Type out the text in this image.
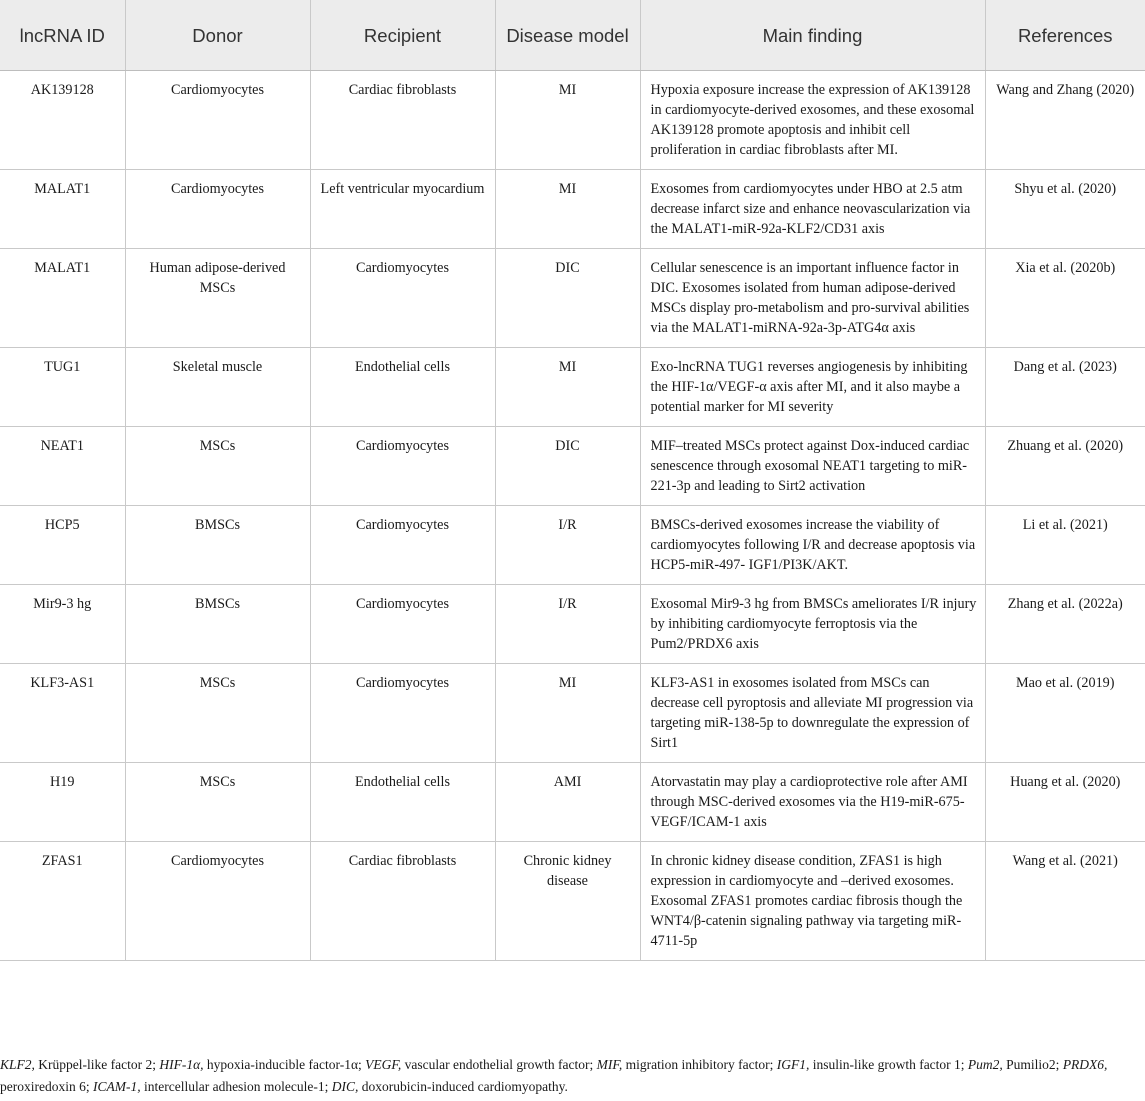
lncRNA ID	Donor	Recipient	Disease model	Main finding	References
AK139128	Cardiomyocytes	Cardiac fibroblasts	MI	Hypoxia exposure increase the expression of AK139128 in cardiomyocyte-derived exosomes, and these exosomal AK139128 promote apoptosis and inhibit cell proliferation in cardiac fibroblasts after MI.	Wang and Zhang (2020)
MALAT1	Cardiomyocytes	Left ventricular myocardium	MI	Exosomes from cardiomyocytes under HBO at 2.5 atm decrease infarct size and enhance neovascularization via the MALAT1-miR-92a-KLF2/CD31 axis	Shyu et al. (2020)
MALAT1	Human adipose-derived MSCs	Cardiomyocytes	DIC	Cellular senescence is an important influence factor in DIC. Exosomes isolated from human adipose-derived MSCs display pro-metabolism and pro-survival abilities via the MALAT1-miRNA-92a-3p-ATG4α axis	Xia et al. (2020b)
TUG1	Skeletal muscle	Endothelial cells	MI	Exo-lncRNA TUG1 reverses angiogenesis by inhibiting the HIF-1α/VEGF-α axis after MI, and it also maybe a potential marker for MI severity	Dang et al. (2023)
NEAT1	MSCs	Cardiomyocytes	DIC	MIF–treated MSCs protect against Dox-induced cardiac senescence through exosomal NEAT1 targeting to miR-221-3p and leading to Sirt2 activation	Zhuang et al. (2020)
HCP5	BMSCs	Cardiomyocytes	I/R	BMSCs-derived exosomes increase the viability of cardiomyocytes following I/R and decrease apoptosis via HCP5-miR-497- IGF1/PI3K/AKT.	Li et al. (2021)
Mir9-3 hg	BMSCs	Cardiomyocytes	I/R	Exosomal Mir9-3 hg from BMSCs ameliorates I/R injury by inhibiting cardiomyocyte ferroptosis via the Pum2/PRDX6 axis	Zhang et al. (2022a)
KLF3-AS1	MSCs	Cardiomyocytes	MI	KLF3-AS1 in exosomes isolated from MSCs can decrease cell pyroptosis and alleviate MI progression via targeting miR-138-5p to downregulate the expression of Sirt1	Mao et al. (2019)
H19	MSCs	Endothelial cells	AMI	Atorvastatin may play a cardioprotective role after AMI through MSC-derived exosomes via the H19-miR-675-VEGF/ICAM-1 axis	Huang et al. (2020)
ZFAS1	Cardiomyocytes	Cardiac fibroblasts	Chronic kidney disease	In chronic kidney disease condition, ZFAS1 is high expression in cardiomyocyte and –derived exosomes. Exosomal ZFAS1 promotes cardiac fibrosis though the WNT4/β-catenin signaling pathway via targeting miR-4711-5p	Wang et al. (2021)
KLF2, Krüppel-like factor 2; HIF-1α, hypoxia-inducible factor-1α; VEGF, vascular endothelial growth factor; MIF, migration inhibitory factor; IGF1, insulin-like growth factor 1; Pum2, Pumilio2; PRDX6, peroxiredoxin 6; ICAM-1, intercellular adhesion molecule-1; DIC, doxorubicin-induced cardiomyopathy.
